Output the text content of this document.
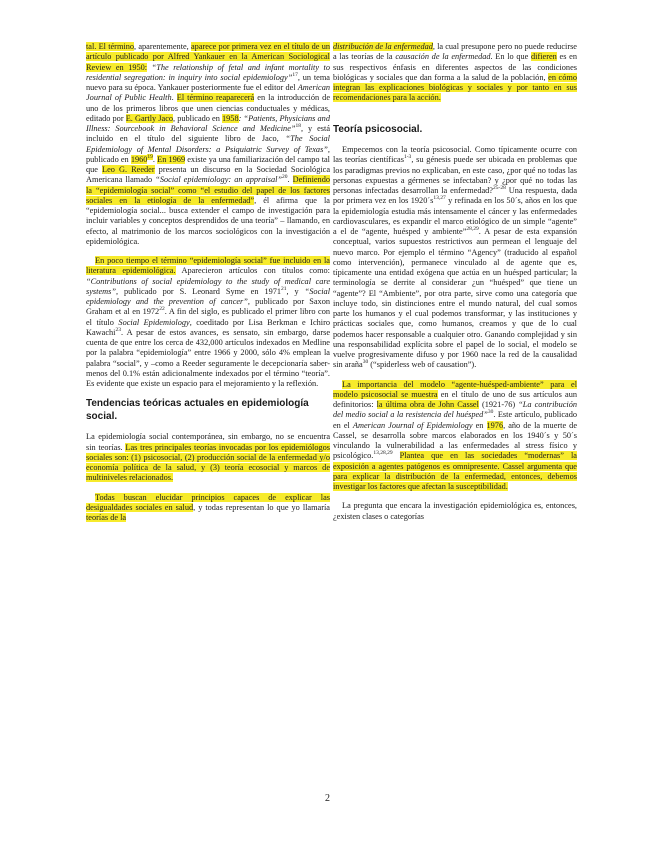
tal. El término, aparentemente, aparece por primera vez en el título de un artículo publicado por Alfred Yankauer en la American Sociological Review en 1950: “The relationship of fetal and infant mortality to residential segregation: in inquiry into social epidemiology”$^{17}$, un tema nuevo para su época. Yankauer posteriormente fue el editor del American Journal of Public Health. El término reaparecerá en la introducción de uno de los primeros libros que unen ciencias conductuales y médicas, editado por E. Gartly Jaco, publicado en 1958: “Patients, Physicians and Illness: Sourcebook in Behavioral Science and Medicine”$^{18}$, y está incluido en el título del siguiente libro de Jaco, “The Social Epidemiology of Mental Disorders: a Psiquiatric Survey of Texas”, publicado en 1960$^{19}$. En 1969 existe ya una familiarización del campo tal que Leo G. Reeder presenta un discurso en la Sociedad Sociológica Americana llamado “Social epidemiology: an appraisal”$^{20}$. Definiendo la “epidemiología social” como “el estudio del papel de los factores sociales en la etiología de la enfermedad”, él afirma que la “epidemiología social... busca extender el campo de investigación para incluir variables y conceptos desprendidos de una teoría” – llamando, en efecto, al matrimonio de los marcos sociológicos con la investigación epidemiológica.

En poco tiempo el término “epidemiología social” fue incluido en la literatura epidemiológica. Aparecieron artículos con títulos como: “Contributions of social epidemiology to the study of medical care systems”, publicado por S. Leonard Syme en 1971$^{21}$, y “Social epidemiology and the prevention of cancer”, publicado por Saxon Graham et al en 1972$^{22}$. A fin del siglo, es publicado el primer libro con el título Social Epidemiology, coeditado por Lisa Berkman e Ichiro Kawachi$^{23}$. A pesar de estos avances, es sensato, sin embargo, darse cuenta de que entre los cerca de 432,000 artículos indexados en Medline por la palabra “epidemiología” entre 1966 y 2000, sólo 4% emplean la palabra “social”, y –como a Reeder seguramente le decepcionaría saber- menos del 0.1% están adicionalmente indexados por el término “teoría”. Es evidente que existe un espacio para el mejoramiento y la reflexión.

Tendencias teóricas actuales en epidemiología social.

La epidemiología social contemporánea, sin embargo, no se encuentra sin teorías. Las tres principales teorías invocadas por los epidemiólogos sociales son: (1) psicosocial, (2) producción social de la enfermedad y/o economía política de la salud, y (3) teoría ecosocial y marcos de multiniveles relacionados.

Todas buscan elucidar principios capaces de explicar las desigualdades sociales en salud, y todas representan lo que yo llamaría teorías de la

distribución de la enfermedad, la cual presupone pero no puede reducirse a las teorías de la causación de la enfermedad. En lo que difieren es en sus respectivos énfasis en diferentes aspectos de las condiciones biológicas y sociales que dan forma a la salud de la población, en cómo integran las explicaciones biológicas y sociales y por tanto en sus recomendaciones para la acción.

Teoría psicosocial.

Empecemos con la teoría psicosocial. Como típicamente ocurre con las teorías científicas$^{1-3}$, su génesis puede ser ubicada en problemas que los paradigmas previos no explicaban, en este caso, ¿por qué no todas las personas expuestas a gérmenes se infectaban? y ¿por qué no todas las personas infectadas desarrollan la enfermedad?$^{25-28}$ Una respuesta, dada por primera vez en los $1920´s^{13,27}$ y refinada en los 50´s, años en los que la epidemiología estudia más intensamente el cáncer y las enfermedades cardiovasculares, es expandir el marco etiológico de un simple “agente” a el de “agente, huésped y ambiente”$^{28,29}$. A pesar de esta expansión conceptual, varios supuestos restrictivos aun permean el lenguaje del nuevo marco. Por ejemplo el término “Agency” (traducido al español como intervención), permanece vinculado al de agente que es, típicamente una entidad exógena que actúa en un huésped particular; la terminología se derrite al considerar ¿un “huésped” que tiene un “agente”? El “Ambiente”, por otra parte, sirve como una categoría que incluye todo, sin distinciones entre el mundo natural, del cual somos parte los humanos y el cual podemos transformar, y las instituciones y prácticas sociales que, como humanos, creamos y que de lo cual podemos hacer responsable a cualquier otro. Ganando complejidad y sin una responsabilidad explícita sobre el papel de lo social, el modelo se vuelve progresivamente difuso y por 1960 nace la red de la causalidad sin araña$^{30}$ (“spiderless web of causation”).

La importancia del modelo “agente-huésped-ambiente” para el modelo psicosocial se muestra en el título de uno de sus artículos aun definitorios: la última obra de John Cassel (1921-76) “La contribución del medio social a la resistencia del huésped”$^{30}$. Este artículo, publicado en el American Journal of Epidemiology en 1976, año de la muerte de Cassel, se desarrolla sobre marcos elaborados en los 1940´s y 50´s vinculando la vulnerabilidad a las enfermedades al stress físico y psicológico.$^{13,28,29}$ Plantea que en las sociedades “modernas” la exposición a agentes patógenos es omnipresente. Cassel argumenta que para explicar la distribución de la enfermedad, entonces, debemos investigar los factores que afectan la susceptibilidad.

La pregunta que encara la investigación epidemiológica es, entonces, ¿existen clases o categorías

2
